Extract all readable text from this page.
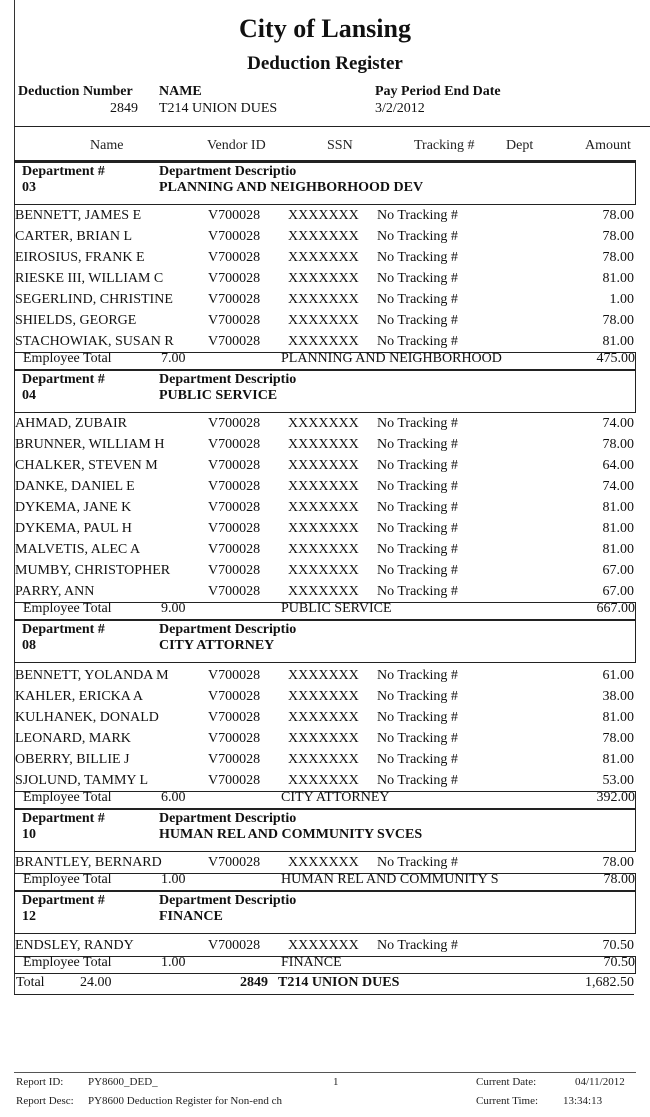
City of Lansing
Deduction Register
Deduction Number
2849
NAME
T214 UNION DUES
Pay Period End Date
3/2/2012
Name	Vendor ID	SSN	Tracking # Dept	Amount
Department #
03
Department Descriptio
PLANNING AND NEIGHBORHOOD DEV
BENNETT, JAMES E	V700028 XXXXXXX	No Tracking #	78.00
CARTER, BRIAN L	V700028 XXXXXXX	No Tracking #	78.00
EIROSIUS, FRANK E	V700028 XXXXXXX	No Tracking #	78.00
RIESKE III, WILLIAM C	V700028 XXXXXXX	No Tracking #	81.00
SEGERLIND, CHRISTINE	V700028 XXXXXXX	No Tracking #	1.00
SHIELDS, GEORGE	V700028 XXXXXXX	No Tracking #	78.00
STACHOWIAK, SUSAN R	V700028 XXXXXXX	No Tracking #	81.00
Employee Total	7.00	PLANNING AND NEIGHBORHOOD	475.00
Department #
04
Department Descriptio
PUBLIC SERVICE
AHMAD, ZUBAIR	V700028 XXXXXXX	No Tracking #	74.00
BRUNNER, WILLIAM H	V700028 XXXXXXX	No Tracking #	78.00
CHALKER, STEVEN M	V700028 XXXXXXX	No Tracking #	64.00
DANKE, DANIEL E	V700028 XXXXXXX	No Tracking #	74.00
DYKEMA, JANE K	V700028 XXXXXXX	No Tracking #	81.00
DYKEMA, PAUL H	V700028 XXXXXXX	No Tracking #	81.00
MALVETIS, ALEC A	V700028 XXXXXXX	No Tracking #	81.00
MUMBY, CHRISTOPHER	V700028 XXXXXXX	No Tracking #	67.00
PARRY, ANN	V700028 XXXXXXX	No Tracking #	67.00
Employee Total	9.00	PUBLIC SERVICE	667.00
Department #
08
Department Descriptio
CITY ATTORNEY
BENNETT, YOLANDA M	V700028 XXXXXXX	No Tracking #	61.00
KAHLER, ERICKA A	V700028 XXXXXXX	No Tracking #	38.00
KULHANEK, DONALD	V700028 XXXXXXX	No Tracking #	81.00
LEONARD, MARK	V700028 XXXXXXX	No Tracking #	78.00
OBERRY, BILLIE J	V700028 XXXXXXX	No Tracking #	81.00
SJOLUND, TAMMY L	V700028 XXXXXXX	No Tracking #	53.00
Employee Total	6.00	CITY ATTORNEY	392.00
Department #
10
Department Descriptio
HUMAN REL AND COMMUNITY SVCES
BRANTLEY, BERNARD	V700028 XXXXXXX	No Tracking #	78.00
Employee Total	1.00	HUMAN REL AND COMMUNITY S	78.00
Department #
12
Department Descriptio
FINANCE
ENDSLEY, RANDY	V700028 XXXXXXX	No Tracking #	70.50
Employee Total	1.00	FINANCE	70.50
Total	24.00	2849 T214 UNION DUES	1,682.50
Report ID: PY8600_DED_	1	Current Date:	04/11/2012
Report Desc: PY8600 Deduction Register for Non-end ch	Current Time: 13:34:13
